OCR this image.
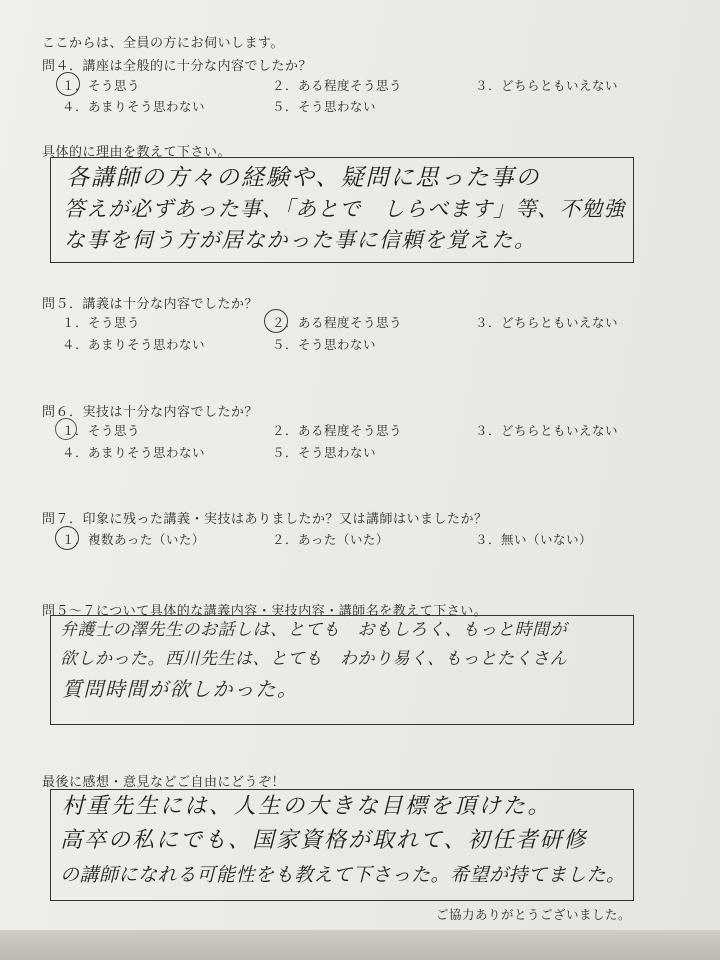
ここからは、全員の方にお伺いします。
問４．講座は全般的に十分な内容でしたか？
１．そう思う	２．ある程度そう思う	３．どちらともいえない
４．あまりそう思わない	５．そう思わない
具体的に理由を教えて下さい。
各講師の方々の経験や、疑問に思った事の
答えが必ずあった事、「あとで　しらべます」等、不勉強
な事を伺う方が居なかった事に信頼を覚えた。
問５．講義は十分な内容でしたか？
１．そう思う	２．ある程度そう思う	３．どちらともいえない
４．あまりそう思わない	５．そう思わない
問６．実技は十分な内容でしたか？
１．そう思う	２．ある程度そう思う	３．どちらともいえない
４．あまりそう思わない	５．そう思わない
問７．印象に残った講義・実技はありましたか？又は講師はいましたか？
１．複数あった（いた）	２．あった（いた）	３．無い（いない）
問５～７について具体的な講義内容・実技内容・講師名を教えて下さい。
弁護士の澤先生のお話しは、とても　おもしろく、もっと時間が
欲しかった。西川先生は、とても　わかり易く、もっとたくさん
質問時間が欲しかった。
最後に感想・意見などご自由にどうぞ！
村重先生には、人生の大きな目標を頂けた。
高卒の私にでも、国家資格が取れて、初任者研修
の講師になれる可能性をも教えて下さった。希望が持てました。
ご協力ありがとうございました。
